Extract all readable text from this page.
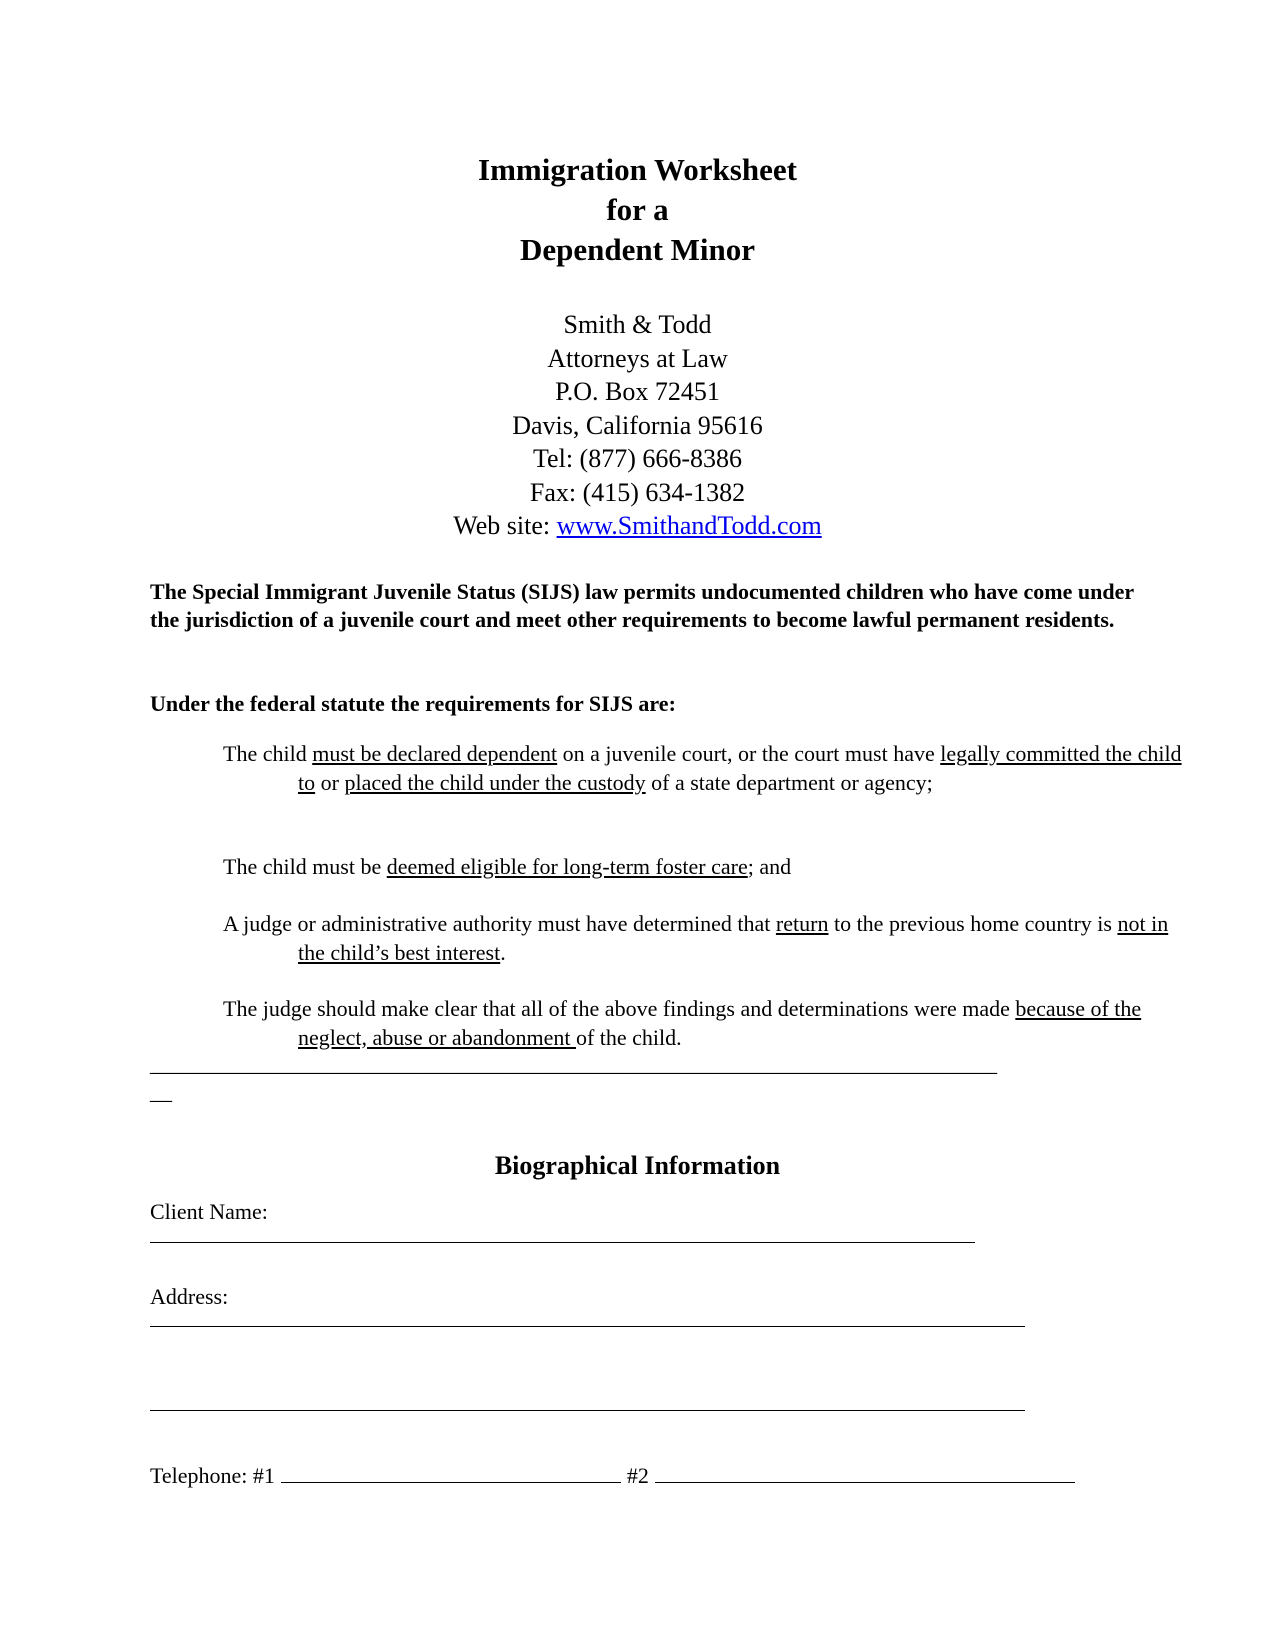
Immigration Worksheet
for a
Dependent Minor
Smith & Todd
Attorneys at Law
P.O. Box 72451
Davis, California 95616
Tel: (877) 666-8386
Fax: (415) 634-1382
Web site: www.SmithandTodd.com
The Special Immigrant Juvenile Status (SIJS) law permits undocumented children who have come under the jurisdiction of a juvenile court and meet other requirements to become lawful permanent residents.
Under the federal statute the requirements for SIJS are:
The child must be declared dependent on a juvenile court, or the court must have legally committed the child to or placed the child under the custody of a state department or agency;
The child must be deemed eligible for long-term foster care; and
A judge or administrative authority must have determined that return to the previous home country is not in the child’s best interest.
The judge should make clear that all of the above findings and determinations were made because of the neglect, abuse or abandonment of the child.
_____________________________________________________________________________
__
Biographical Information
Client Name:
Address:
Telephone: #1	#2
